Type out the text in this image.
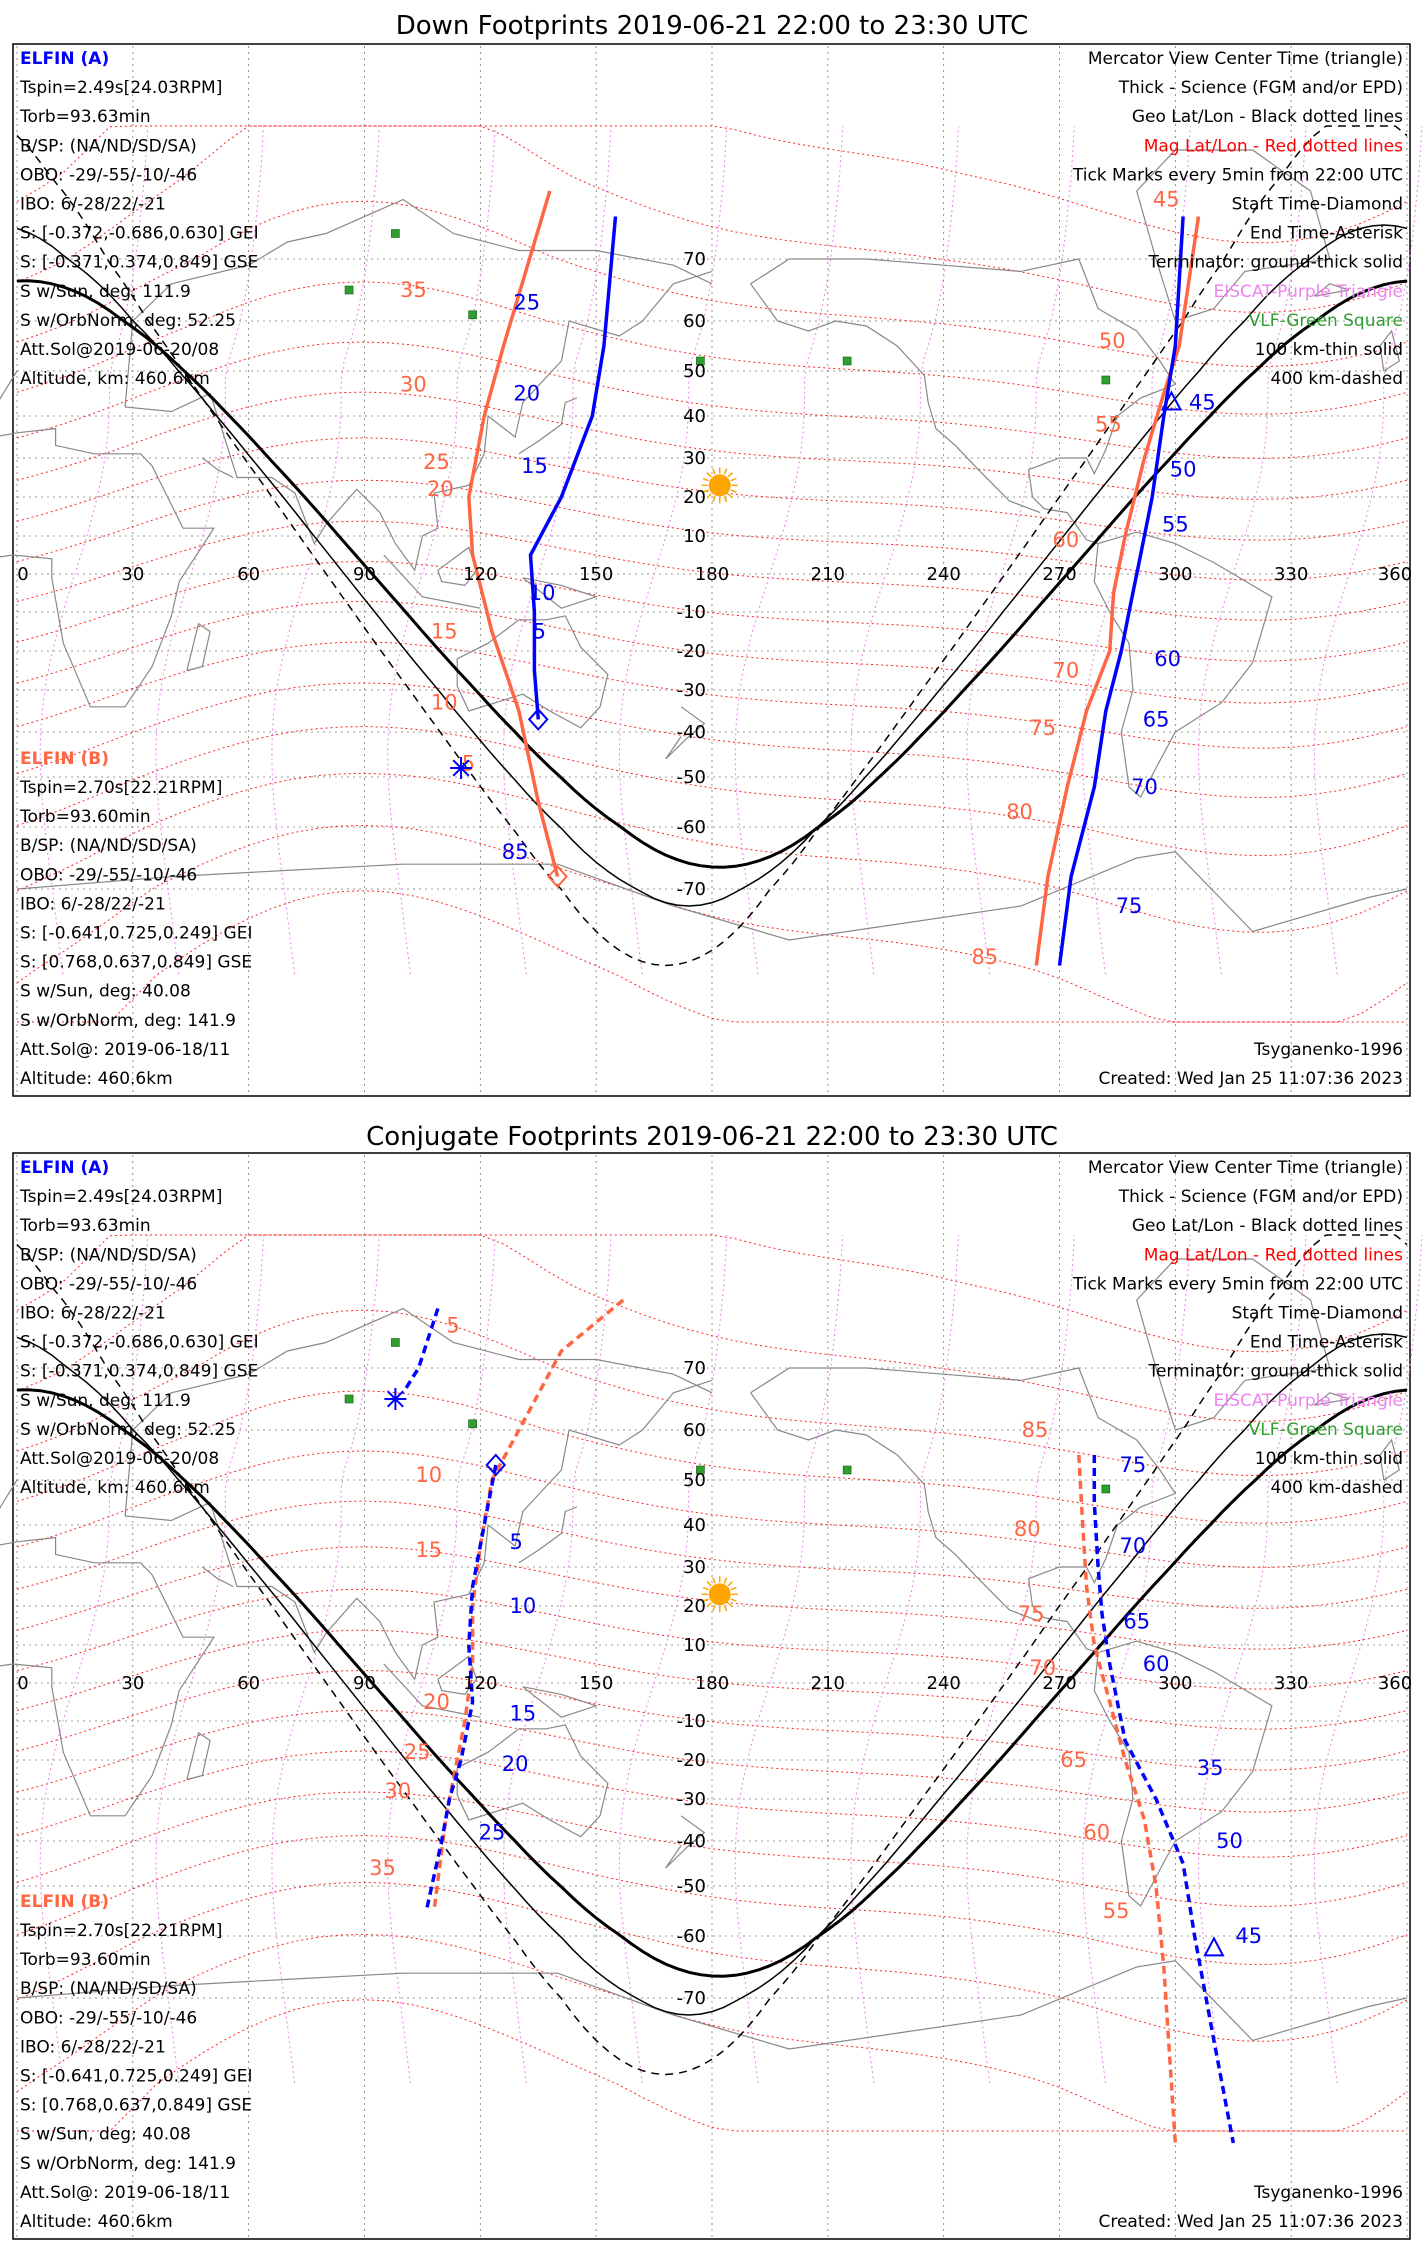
Down Footprints 2019-06-21 22:00 to 23:30 UTC
25
20
15
10
5
85
45
50
55
60
65
70
75
35
30
25
20
15
10
5
45
50
55
60
70
75
80
85
0	30	60	90	120	150	180	210	240	270	300	330	360
70
60
50
40
30
20
10
-10
-20
-30
-40
-50
-60
-70
ELFIN (A)
Tspin=2.49s[24.03RPM]
Torb=93.63min
B/SP: (NA/ND/SD/SA)
OBO: -29/-55/-10/-46
IBO: 6/-28/22/-21
S: [-0.372,-0.686,0.630] GEI
S: [-0.371,0.374,0.849] GSE
S w/Sun, deg: 111.9
S w/OrbNorm, deg: 52.25
Att.Sol@2019-06-20/08
Altitude, km: 460.6km
ELFIN (B)
Tspin=2.70s[22.21RPM]
Torb=93.60min
B/SP: (NA/ND/SD/SA)
OBO: -29/-55/-10/-46
IBO: 6/-28/22/-21
S: [-0.641,0.725,0.249] GEI
S: [0.768,0.637,0.849] GSE
S w/Sun, deg: 40.08
S w/OrbNorm, deg: 141.9
Att.Sol@: 2019-06-18/11
Altitude: 460.6km
Mercator View Center Time (triangle)
Thick - Science (FGM and/or EPD)
Geo Lat/Lon - Black dotted lines
Mag Lat/Lon - Red dotted lines
Tick Marks every 5min from 22:00 UTC
Start Time-Diamond
End Time-Asterisk
Terminator: ground-thick solid
EISCAT-Purple Triangle
VLF-Green Square
100 km-thin solid
400 km-dashed
Tsyganenko-1996
Created: Wed Jan 25 11:07:36 2023
Conjugate Footprints 2019-06-21 22:00 to 23:30 UTC
5
10
15
20
25
75
70
65
60
35
50
45
5
10
15
20
25
30
35
85
80
75
70
65
60
55
0	30	60	90	120	150	180	210	240	270	300	330	360
70
60
50
40
30
20
10
-10
-20
-30
-40
-50
-60
-70
ELFIN (A)
Tspin=2.49s[24.03RPM]
Torb=93.63min
B/SP: (NA/ND/SD/SA)
OBO: -29/-55/-10/-46
IBO: 6/-28/22/-21
S: [-0.372,-0.686,0.630] GEI
S: [-0.371,0.374,0.849] GSE
S w/Sun, deg: 111.9
S w/OrbNorm, deg: 52.25
Att.Sol@2019-06-20/08
Altitude, km: 460.6km
ELFIN (B)
Tspin=2.70s[22.21RPM]
Torb=93.60min
B/SP: (NA/ND/SD/SA)
OBO: -29/-55/-10/-46
IBO: 6/-28/22/-21
S: [-0.641,0.725,0.249] GEI
S: [0.768,0.637,0.849] GSE
S w/Sun, deg: 40.08
S w/OrbNorm, deg: 141.9
Att.Sol@: 2019-06-18/11
Altitude: 460.6km
Mercator View Center Time (triangle)
Thick - Science (FGM and/or EPD)
Geo Lat/Lon - Black dotted lines
Mag Lat/Lon - Red dotted lines
Tick Marks every 5min from 22:00 UTC
Start Time-Diamond
End Time-Asterisk
Terminator: ground-thick solid
EISCAT-Purple Triangle
VLF-Green Square
100 km-thin solid
400 km-dashed
Tsyganenko-1996
Created: Wed Jan 25 11:07:36 2023
